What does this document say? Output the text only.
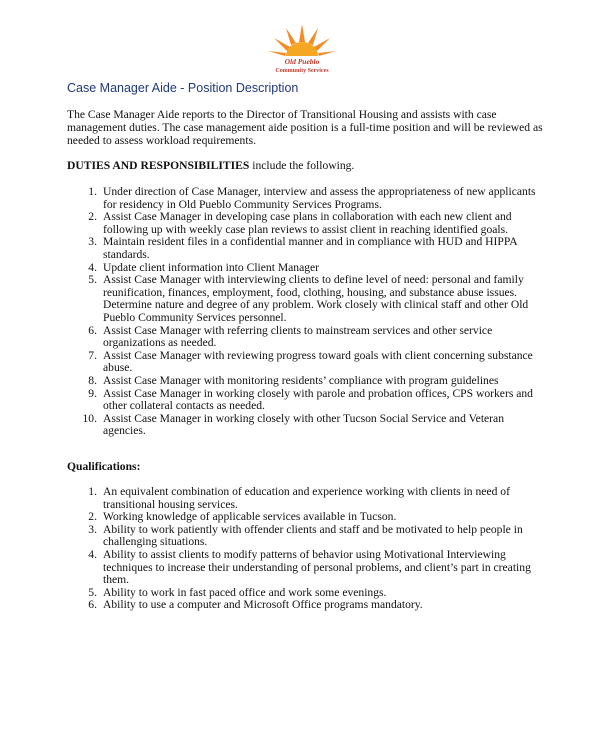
Old Pueblo
Community Services
Case Manager Aide - Position Description
The Case Manager Aide reports to the Director of Transitional Housing and assists with case management duties. The case management aide position is a full-time position and will be reviewed as needed to assess workload requirements.
DUTIES AND RESPONSIBILITIES include the following.
1. Under direction of Case Manager, interview and assess the appropriateness of new applicants for residency in Old Pueblo Community Services Programs.
2. Assist Case Manager in developing case plans in collaboration with each new client and following up with weekly case plan reviews to assist client in reaching identified goals.
3. Maintain resident files in a confidential manner and in compliance with HUD and HIPPA standards.
4. Update client information into Client Manager
5. Assist Case Manager with interviewing clients to define level of need: personal and family reunification, finances, employment, food, clothing, housing, and substance abuse issues. Determine nature and degree of any problem. Work closely with clinical staff and other Old Pueblo Community Services personnel.
6. Assist Case Manager with referring clients to mainstream services and other service organizations as needed.
7. Assist Case Manager with reviewing progress toward goals with client concerning substance abuse.
8. Assist Case Manager with monitoring residents’ compliance with program guidelines
9. Assist Case Manager in working closely with parole and probation offices, CPS workers and other collateral contacts as needed.
10. Assist Case Manager in working closely with other Tucson Social Service and Veteran agencies.
Qualifications:
1. An equivalent combination of education and experience working with clients in need of transitional housing services.
2. Working knowledge of applicable services available in Tucson.
3. Ability to work patiently with offender clients and staff and be motivated to help people in challenging situations.
4. Ability to assist clients to modify patterns of behavior using Motivational Interviewing techniques to increase their understanding of personal problems, and client’s part in creating them.
5. Ability to work in fast paced office and work some evenings.
6. Ability to use a computer and Microsoft Office programs mandatory.
